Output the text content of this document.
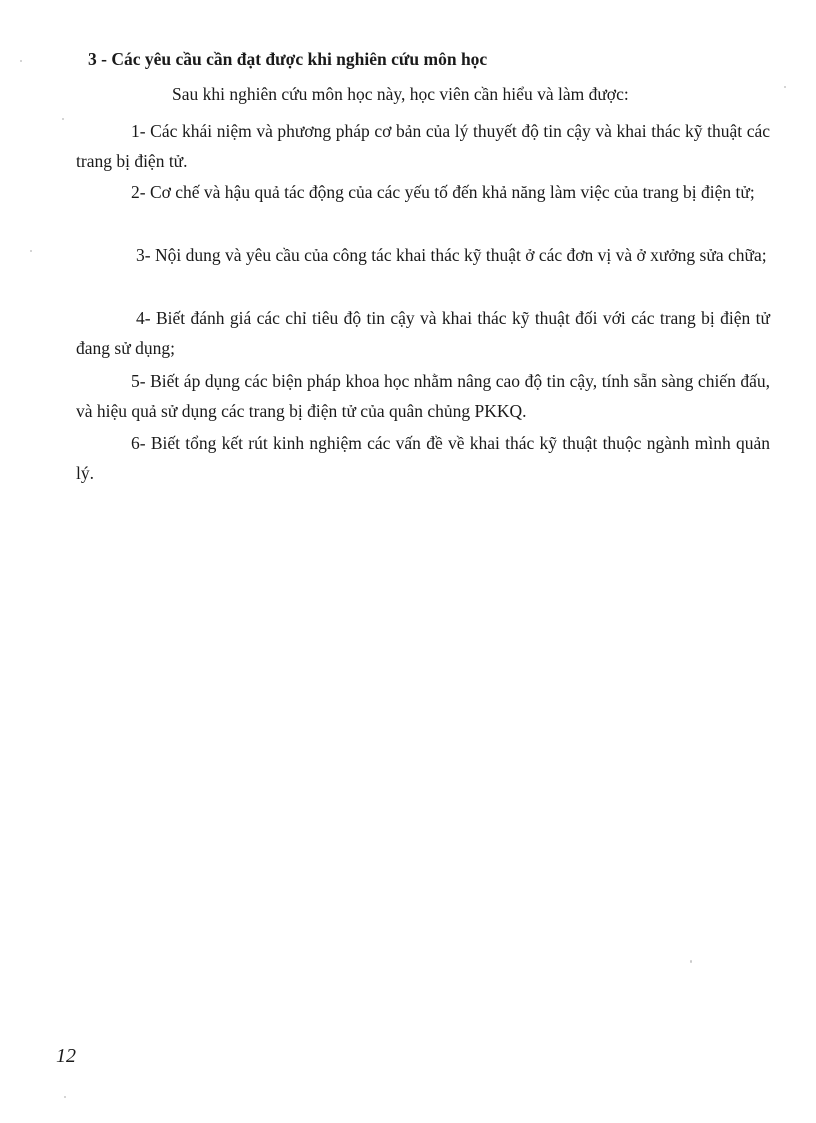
3 - Các yêu cầu cần đạt được khi nghiên cứu môn học
Sau khi nghiên cứu môn học này, học viên cần hiểu và làm được:

1- Các khái niệm và phương pháp cơ bản của lý thuyết độ tin cậy và khai thác kỹ thuật các trang bị điện tử.

2- Cơ chế và hậu quả tác động của các yếu tố đến khả năng làm việc của trang bị điện tử;

3- Nội dung và yêu cầu của công tác khai thác kỹ thuật ở các đơn vị và ở xưởng sửa chữa;

4- Biết đánh giá các chỉ tiêu độ tin cậy và khai thác kỹ thuật đối với các trang bị điện tử đang sử dụng;

5- Biết áp dụng các biện pháp khoa học nhằm nâng cao độ tin cậy, tính sẵn sàng chiến đấu, và hiệu quả sử dụng các trang bị điện tử của quân chủng PKKQ.

6- Biết tổng kết rút kinh nghiệm các vấn đề về khai thác kỹ thuật thuộc ngành mình quản lý.

12
